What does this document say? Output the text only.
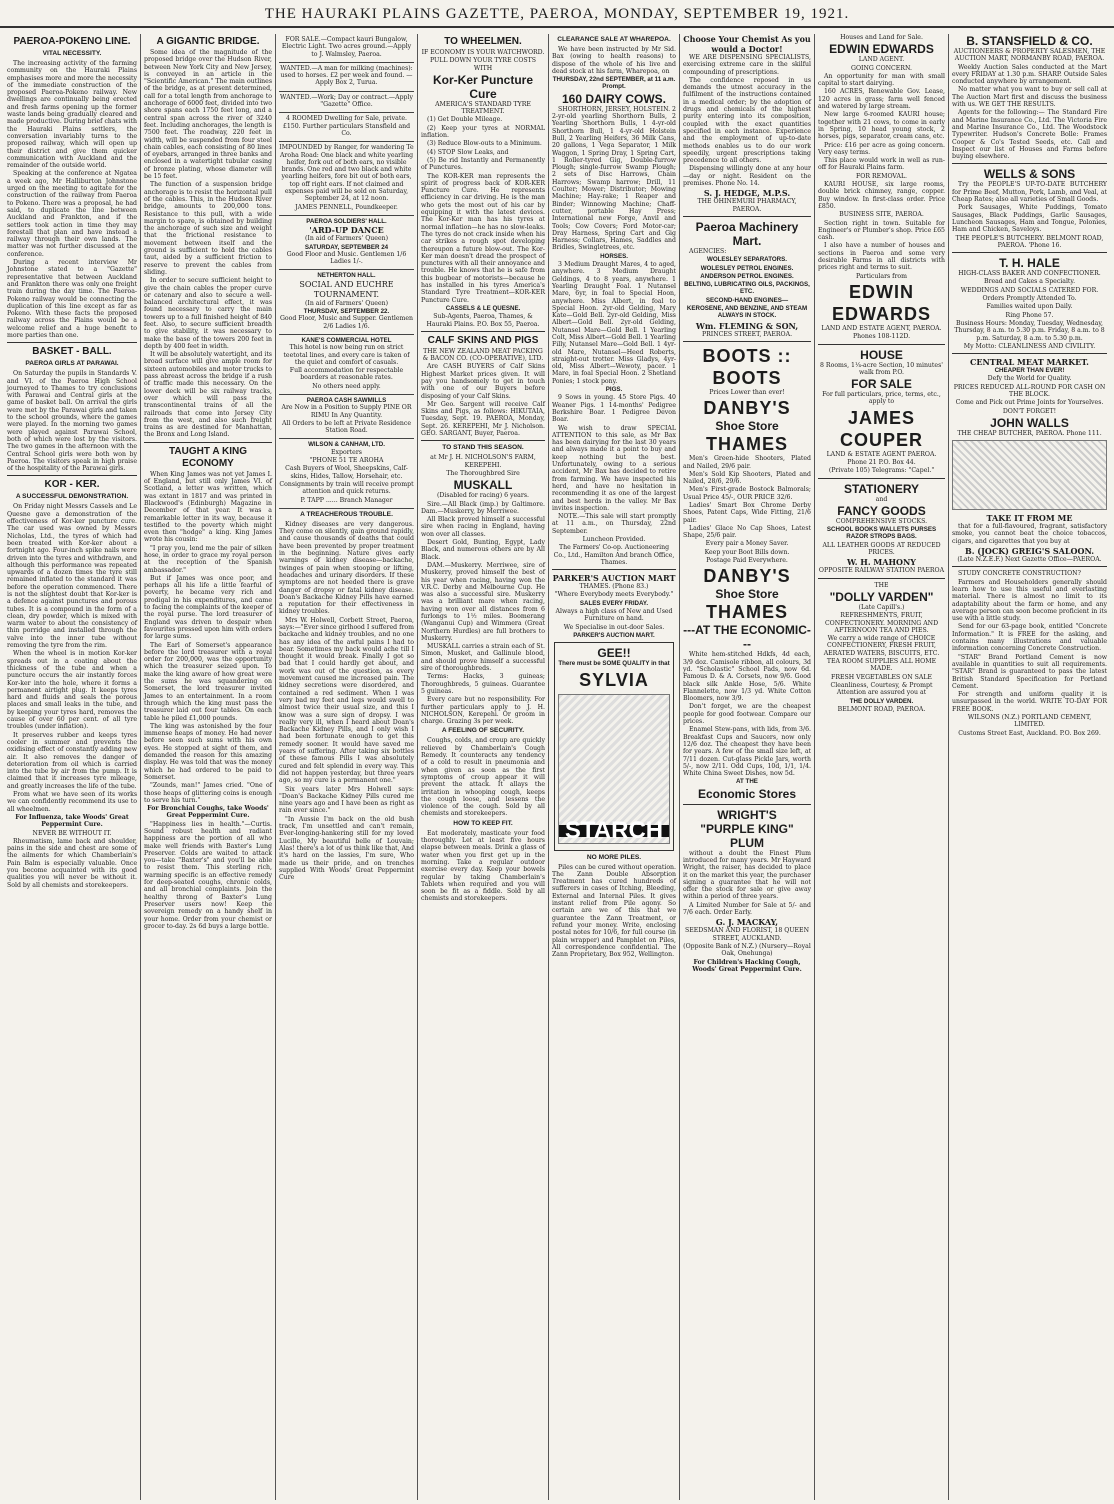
THE HAURAKI PLAINS GAZETTE, PAEROA, MONDAY, SEPTEMBER 19, 1921.
PAEROA-POKENO LINE.
VITAL NECESSITY.

The increasing activity of the farming community on the Hauraki Plains emphasises more and more the necessity of the immediate construction of the proposed Paeroa-Pokeno railway. New dwellings are continually being erected and fresh farms opening up the former waste lands being gradually cleared and made productive. During brief chats with the Hauraki Plains settlers, the conversation invariably turns to the proposed railway, which will open up their district and give them quicker communication with Auckland and the remainder of the outside world.

Speaking at the conference at Ngatea a week ago, Mr Halliburton Johnstone urged on the meeting to agitate for the construction of the railway from Paeroa to Pokeno. There was a proposal, he had said, to duplicate the line between Auckland and Frankton, and if the settlers took action in time they may forestall that plan and have instead a railway through their own lands. The matter was not further discussed at the conference.

During a recent interview Mr Johnstone stated to a "Gazette" representative that between Auckland and Frankton there was only one freight train during the day time. The Paeroa-Pokeno railway would be connecting the duplication of this line except as far as Pokeno. With these facts the proposed railway across the Plains would be a welcome relief and a huge benefit to more parties than one.

BASKET - BALL.
PAEROA GIRLS AT PARAWAI.

On Saturday the pupils in Standards V. and VI. of the Paeroa High School journeyed to Thames to try conclusions with Parawai and Central girls at the game of basket ball. On arrival the girls were met by the Parawai girls and taken to the school grounds, where the games were played. In the morning two games were played against Parawai School, both of which were lost by the visitors. The two games in the afternoon with the Central School girls were both won by Paeroa. The visitors speak in high praise of the hospitality of the Parawai girls.

KOR - KER.
A SUCCESSFUL DEMONSTRATION.

On Friday night Messrs Cassels and Le Quesne gave a demonstration of the effectiveness of Kor-ker puncture cure. The car used was owned by Messrs Nicholas, Ltd., the tyres of which had been treated with Kor-ker about a fortnight ago. Four-inch spike nails were driven into the tyres and withdrawn, and although this performance was repeated upwards of a dozen times the tyre still remained inflated to the standard it was before the operation commenced. There is not the slightest doubt that Kor-ker is a defence against punctures and porous tubes. It is a compound in the form of a clean, dry powder, which is mixed with warm water to about the consistency of thin porridge and installed through the valve into the inner tube without removing the tyre from the rim.

When the wheel is in motion Kor-ker spreads out in a coating about the thickness of the tube and when a puncture occurs the air instantly forces Kor-ker into the hole, where it forms a permanent airtight plug. It keeps tyres hard and fluids and seals the porous places and small leaks in the tube, and by keeping your tyres hard, removes the cause of over 60 per cent. of all tyre troubles (under inflation).

It preserves rubber and keeps tyres cooler in summer and prevents the oxidising effect of constantly adding new air. It also removes the danger of deterioration from oil which is carried into the tube by air from the pump. It is claimed that it increases tyre mileage, and greatly increases the life of the tube.

From what we have seen of its works we can confidently recommend its use to all wheelmen.

For Influenza, take Woods' Great Peppermint Cure.

NEVER BE WITHOUT IT.

Rheumatism, lame back and shoulder, pains in the side and chest are some of the ailments for which Chamberlain's Pain Balm is especially valuable. Once you become acquainted with its good qualities you will never be without it. Sold by all chemists and storekeepers.

A GIGANTIC BRIDGE.

Some idea of the magnitude of the proposed bridge over the Hudson River, between New York City and New Jersey, is conveyed in an article in the "Scientific American." The main outlines of the bridge, as at present determined, call for a total length from anchorage to anchorage of 6000 feet, divided into two shore spans each 1750 feet long, and a central span across the river of 3240 feet. Including anchorages, the length is 7500 feet. The roadway, 220 feet in width, will be suspended from four steel chain cables, each consisting of 80 lines of eyebars, arranged in three banks and enclosed in a watertight tubular casing of bronze plating, whose diameter will be 15 feet.

The function of a suspension bridge anchorage is to resist the horizontal pull of the cables. This, in the Hudson River bridge, amounts to 200,000 tons. Resistance to this pull, with a wide margin to spare, is obtained by building the anchorage of such size and weight that the frictional resistance to movement between itself and the ground is sufficient to hold the cables taut, aided by a sufficient friction to reserve to prevent the cables from sliding.

In order to secure sufficient height to give the chain cables the proper curve or catenary and also to secure a well-balanced architectural effect, it was found necessary to carry the main towers up to a full finished height of 840 feet. Also, to secure sufficient breadth to give stability, it was necessary to make the base of the towers 200 feet in depth by 400 feet in width.

It will be absolutely watertight, and its broad surface will give ample room for sixteen automobiles and motor trucks to pass abreast across the bridge if a rush of traffic made this necessary. On the lower deck will be six railway tracks, over which will pass the transcontinental trains of all the railroads that come into Jersey City from the west, and also such freight trains as are destined for Manhattan, the Bronx and Long Island.

TAUGHT A KING ECONOMY

When King James was not yet James I. of England, but still only James VI. of Scotland, a letter was written, which was extant in 1817 and was printed in Blackwood's (Edinburgh) Magazine in December of that year. It was a remarkable letter in its way, because it testified to the poverty which might even then "hodge" a king. King James wrote his cousin:

"I pray you, lend me the pair of silken hose, in order to grace my royal person at the reception of the Spanish ambassador."

But if James was once poor, and perhaps all his life a little fearful of poverty, he became very rich and prodigal in his expenditures, and came to facing the complaints of the keeper of the royal purse. The lord treasurer of England was driven to despair when favourites pressed upon him with orders for large sums.

The Earl of Somerset's appearance before the lord treasurer with a royal order for 200,000, was the opportunity which the treasurer seized upon. To make the king aware of how great were the sums he was squandering on Somerset, the lord treasurer invited James to an entertainment. In a room through which the king must pass the treasurer laid out four tables. On each table he piled £1,000 pounds.

The king was astonished by the four immense heaps of money. He had never before seen such sums with his own eyes. He stopped at sight of them, and demanded the reason for this amazing display. He was told that was the money which he had ordered to be paid to Somerset.

"Zounds, man!" James cried. "One of those heaps of glittering coins is enough to serve his turn."

For Bronchial Coughs, take Woods' Great Peppermint Cure.

"Happiness lies in health."—Curtis. Sound robust health and radiant happiness are the portion of all who make well friends with Baxter's Lung Preserver. Colds are waited to attack you—take "Baxter's" and you'll be able to resist them. This sterling rich, warming specific is an effective remedy for deep-seated coughs, chronic colds, and all bronchial complaints. Join the healthy throng of Baxter's Lung Preserver users now! Keep the sovereign remedy on a handy shelf in your home. Order from your chemist or grocer to-day. 2s 6d buys a large bottle.

FOR SALE.—Compact kauri Bungalow, Electric Light. Two acres ground.—Apply to J. Walmsley, Paeroa.

WANTED.—A man for milking (machines): used to horses. £2 per week and found. —Apply Box 2, Turua.

WANTED.—Work; Day or contract.—Apply "Gazette" Office.

4 ROOMED Dwelling for Sale, private. £150. Further particulars Stansfield and Co.

IMPOUNDED by Ranger, for wandering Te Aroha Road: One black and white yearling heifer, fork out of both ears, no visible brands. One red and two black and white yearling heifers, fore bit out of both ears, top off right ears. If not claimed and expenses paid will be sold on Saturday, September 24, at 12 noon.

JAMES PENNELL, Poundkeeper.

PAEROA SOLDIERS' HALL.
'ARD-UP DANCE

(In aid of Farmers' Queen)

SATURDAY, SEPTEMBER 24

Good Floor and Music. Gentlemen 1/6 Ladies 1/-.

NETHERTON HALL.
SOCIAL AND EUCHRE TOURNAMENT.

(In aid of Farmers' Queen)

THURSDAY, SEPTEMBER 22.

Good Floor, Music and Supper. Gentlemen 2/6 Ladies 1/6.

KANE'S COMMERCIAL HOTEL

This hotel is now being run on strict teetotal lines, and every care is taken of the quiet and comfort of casuals.

Full accommodation for respectable boarders at reasonable rates.

No others need apply.

PAEROA CASH SAWMILLS

Are Now in a Position to Supply PINE OR RIMU In Any Quantity.

All Orders to be left at Private Residence Station Road.

WILSON & CANHAM, LTD.

Exporters

"PHONE 51 TE AROHA

Cash Buyers of Wool, Sheepskins, Calf-skins, Hides, Tallow, Horsehair, etc.

Consignments by train will receive prompt attention and quick returns.

P. TAPP ...... Branch Manager

A TREACHEROUS TROUBLE.

Kidney diseases are very dangerous. They come on silently, gain ground rapidly, and cause thousands of deaths that could have been prevented by proper treatment in the beginning. Nature gives early warnings of kidney disease—backache, twinges of pain when stooping or lifting, headaches and urinary disorders. If these symptoms are not heeded there is grave danger of dropsy or fatal kidney disease. Doan's Backache Kidney Pills have earned a reputation for their effectiveness in kidney troubles.

Mrs W. Holwell, Corbett Street, Paeroa, says:—"Ever since girlhood I suffered from backache and kidney troubles, and no one has any idea of the awful pains I had to bear. Sometimes my back would ache till I thought it would break. Finally I got so bad that I could hardly get about, and work was out of the question, as every movement caused me increased pain. The kidney secretions were disordered, and contained a red sediment. When I was very bad my feet and legs would swell to almost twice their usual size, and this I know was a sure sign of dropsy. I was really very ill, when I heard about Doan's Backache Kidney Pills, and I only wish I had been fortunate enough to get this remedy sooner. It would have saved me years of suffering. After taking six bottles of these famous Pills I was absolutely cured and felt splendid in every way. This did not happen yesterday, but three years ago, so my cure is a permanent one."

Six years later Mrs Holwell says: "Doan's Backache Kidney Pills cured me nine years ago and I have been as right as rain ever since."

"In Aussie I'm back on the old bush track, I'm unsettled and can't remain, Ever-longing-hankering still for my loved Lucille, My beautiful belle of Louvain; Alas! there's a lot of us think like that, And it's hard on the lassies, I'm sure, Who made us their pride, and on trenches supplied With Woods' Great Peppermint Cure

TO WHEELMEN.

IF ECONOMY IS YOUR WATCHWORD.

PULL DOWN YOUR TYRE COSTS WITH

Kor-Ker Puncture Cure

AMERICA'S STANDARD TYRE TREATMENT.

(1) Get Double Mileage.

(2) Keep your tyres at NORMAL inflation.

(3) Reduce Blow-outs to a Minimum.

(4) STOP Slow Leaks, and

(5) Be rid Instantly and Permanently of Punctures.

The KOR-KER man represents the spirit of progress back of KOR-KER Puncture Cure. He represents efficiency in car driving. He is the man who gets the most out of his car by equipping it with the latest devices. The Kor-Ker man has his tyres at normal inflation—he has no slow-leaks. The tyres do not crack inside when his car strikes a rough spot developing thereupon a future blow-out. The Kor-Ker man doesn't dread the prospect of punctures with all their annoyance and trouble. He knows that he is safe from this bugbear of motorists—because he has installed in his tyres America's Standard Tyre Treatment—KOR-KER Puncture Cure.

CASSELS & LE QUESNE.

Sub-Agents, Paeroa, Thames, & Hauraki Plains. P.O. Box 55, Paeroa.

CALF SKINS AND PIGS

THE NEW ZEALAND MEAT PACKING & BACON CO. (CO-OPERATIVE), LTD.

Are CASH BUYERS of Calf Skins Highest Market prices given. It will pay you handsomely to get in touch with one of our Buyers before disposing of your Calf Skins.

Mr Geo. Sargent will receive Calf Skins and Pigs, as follows: HIKUTAIA, Tuesday, Sept. 19. PAEROA, Monday, Sept. 26. KEREPEHI, Mr J. Nicholson. GEO. SARGANT, Buyer, Paeroa.

TO STAND THIS SEASON.

at Mr J. H. NICHOLSON'S FARM, KEREPEHI.

The Thoroughbred Sire

MUSKALL

(Disabled for racing) 6 years.

Sire.—All Black (imp.) by Galtimore. Dam.—Muskerry, by Merriwee.

All Black proved himself a successful sire when racing in England, having won over all classes.

Desert Gold, Bunting, Egypt, Lady Black, and numerous others are by All Black.

DAM.—Muskerry. Merriwee, sire of Muskerry, proved himself the best of his year when racing, having won the V.R.C. Derby and Melbourne Cup. He was also a successful sire. Muskerry was a brilliant mare when racing, having won over all distances from 6 furlongs to 1½ miles. Boomerang (Wanganui Cup) and Wimmera (Great Northern Hurdles) are full brothers to Muskerry.

MUSKALL carries a strain each of St. Simon, Musket, and Gallinule blood, and should prove himself a successful sire of thoroughbreds.

Terms: Hacks, 3 guineas; Thoroughbreds, 5 guineas. Guarantee 5 guineas.

Every care but no responsibility. For further particulars apply to J. H. NICHOLSON, Kerepehi. Or groom in charge. Grazing 3s per week.

A FEELING OF SECURITY.

Coughs, colds, and croup are quickly relieved by Chamberlain's Cough Remedy. It counteracts any tendency of a cold to result in pneumonia and when given as soon as the first symptoms of croup appear it will prevent the attack. It allays the irritation in whooping cough, keeps the cough loose, and lessens the violence of the cough. Sold by all chemists and storekeepers.

HOW TO KEEP FIT.

Eat moderately, masticate your food thoroughly. Let at least five hours elapse between meals. Drink a glass of water when you first get up in the morning. Take a regular outdoor exercise every day. Keep your bowels regular by taking Chamberlain's Tablets when required and you will soon be fit as a fiddle. Sold by all chemists and storekeepers.

CLEARANCE SALE AT WHAREPOA.

We have been instructed by Mr Sid. Bax (owing to health reasons) to dispose of the whole of his live and dead stock at his farm, Wharepoa, on

THURSDAY, 22nd SEPTEMBER, at 11 a.m. Prompt.

160 DAIRY COWS.

SHORTHORN, JERSEY, HOLSTEIN. 2 2-yr-old yearling Shorthorn Bulls, 2 Yearling Shorthorn Bulls, 1 4-yr-old Shorthorn Bull, 1 4-yr-old Holstein Bull, 2 Yearling Heifers, 36 Milk Cans, 20 gallons, 1 Vega Separator, 1 Milk Waggon, 1 Spring Dray, 1 Spring Cart, 1 Roller-tyred Gig, Double-furrow Plough; single-furrow Swamp Plough; 2 sets of Disc Harrows, Chain Harrows; Swamp harrow; Drill, 11 Coulter; Mower; Distributor; Mowing Machine; Hay-rake; 1 Reaper and Binder; Winnowing Machine; Chaff-cutter, portable Hay Press; International new Forge, Anvil and Tools; Cow Covers; Ford Motor-car; Dray Harness, Spring Cart and Gig Harness; Collars, Hames, Saddles and Bridles, Swingletrees, etc.

HORSES.

3 Medium Draught Mares, 4 to aged, anywhere. 3 Medium Draught Geldings, 4 to 8 years, anywhere. 1 Yearling Draught Foal. 1 Nutansel Mare, 6yr, in foal to Special Hoon, anywhere. Miss Albert, in foal to Special Hoon. 2yr-old Gelding, Mary Kate—Gold Bell. 2yr-old Gelding, Miss Albert—Gold Bell. 2yr-old Gelding, Nutansel Mare—Gold Bell. 1 Yearling Colt, Miss Albert—Gold Bell. 1 Yearling Filly, Nutansel Mare—Gold Bell. 1 4yr-old Mare, Nutansel—Heed Roberts, straight-out trotter. Miss Gladys, 4yr-old, Miss Albert—Wewoty, pacer. 1 Mare, in foal Special Hoon. 2 Shetland Ponies; 1 stock pony.

PIGS.

9 Sows in young. 45 Store Pigs. 40 Weaner Pigs. 1 14-months' Pedigree Berkshire Boar. 1 Pedigree Devon Boar.

We wish to draw SPECIAL ATTENTION to this sale, as Mr Bax has been dairying for the last 30 years and always made it a point to buy and keep nothing but the best. Unfortunately, owing to a serious accident, Mr Bax has decided to retire from farming. We have inspected his herd, and have no hesitation in recommending it as one of the largest and best herds in the valley. Mr Bax invites inspection.

NOTE.—This sale will start promptly at 11 a.m., on Thursday, 22nd September.

Luncheon Provided.

The Farmers' Co-op. Auctioneering Co., Ltd., Hamilton And branch Office, Thames.

PARKER'S AUCTION MART

THAMES. (Phone 83.)

"Where Everybody meets Everybody."

SALES EVERY FRIDAY.

Always a high class of New and Used Furniture on hand.

We Specialise in out-door Sales.

PARKER'S AUCTION MART.

GEE!!

There must be SOME QUALITY in that

SYLVIA
STARCH
NO MORE PILES.

Piles can be cured without operation. The Zann Double Absorption Treatment has cured hundreds of sufferers in cases of Itching, Bleeding, External and Internal Piles. It gives instant relief from Pile agony. So certain are we of this that we guarantee the Zann Treatment, or refund your money. Write, enclosing postal notes for 10/6, for full course (in plain wrapper) and Pamphlet on Piles, All correspondence confidential. The Zann Proprietary, Box 952, Wellington.

Choose Your Chemist As you would a Doctor!

WE ARE DISPENSING SPECIALISTS, exercising extreme care in the skilful compounding of prescriptions.

The confidence reposed in us demands the utmost accuracy in the fulfilment of the instructions contained in a medical order; by the adoption of drugs and chemicals of the highest purity entering into its composition, coupled with the exact quantities specified in each instance. Experience and the employment of up-to-date methods enables us to do our work speedily, urgent prescriptions taking precedence to all others.

Dispensing willingly done at any hour—day or night. Resident on the premises. Phone No. 14.

S. J. HEDGE, M.P.S.

THE OHINEMURI PHARMACY, PAEROA.

Paeroa Machinery Mart.

AGENCIES:

WOLESLEY SEPARATORS.

WOLESLEY PETROL ENGINES.

ANDERSON PETROL ENGINES.

BELTING, LUBRICATING OILS, PACKINGS, ETC.

SECOND-HAND ENGINES—

KEROSENE, AND BENZINE, AND STEAM ALWAYS IN STOCK.

Wm. FLEMING & SON,

PRINCES STREET, PAEROA.

BOOTS :: BOOTS

Prices Lower than ever!

DANBY'S
Shoe Store
THAMES

Men's Green-hide Shooters, Plated and Nailed, 29/6 pair.

Men's Sold Kip Shooters, Plated and Nailed, 28/6, 29/6.

Men's First-grade Bostock Balmorals; Usual Price 45/-, OUR PRICE 32/6.

Ladies' Smart Box Chrome Derby Shoes, Patent Caps, Wide Fitting, 21/6 pair.

Ladies' Glace No Cap Shoes, Latest Shape, 25/6 pair.

Every pair a Money Saver.

Keep your Boot Bills down.

Postage Paid Everywhere.

DANBY'S
Shoe Store
THAMES
---AT THE ECONOMIC---

White hem-stitched Hdkfs, 4d each, 3/9 doz. Camisole ribbon, all colours, 3d yd. "Scholastic" School Pads, now 6d. Famous D. & A. Corsets, now 9/6. Good black silk Ankle Hose, 5/6. White Flannelette, now 1/3 yd. White Cotton Bloomers, now 3/9.

Don't forget, we are the cheapest people for good footwear. Compare our prices.

Enamel Stew-pans, with lids, from 3/6. Breakfast Cups and Saucers, now only 12/6 doz. The cheapest they have been for years. A few of the small size left, at 7/11 dozen. Cut-glass Pickle Jars, worth 5/-, now 2/11. Odd Cups, 10d, 1/1, 1/4. White China Sweet Dishes, now 5d.

AT THE

Economic Stores
WRIGHT'S
"PURPLE KING" PLUM

without a doubt the Finest Plum introduced for many years. Mr Hayward Wright, the raiser, has decided to place it on the market this year, the purchaser signing a guarantee that he will not offer the stock for sale or give away within a period of three years.

A Limited Number for Sale at 5/- and 7/6 each. Order Early.

G. J. MACKAY,

SEEDSMAN AND FLORIST, 18 QUEEN STREET, AUCKLAND.

(Opposite Bank of N.Z.) (Nursery—Royal Oak, Onehunga)

For Children's Hacking Cough, Woods' Great Peppermint Cure.

Houses and Land for Sale.

EDWIN EDWARDS

LAND AGENT.

GOING CONCERN.

An opportunity for man with small capital to start dairying.

160 ACRES, Renewable Gov. Lease, 120 acres in grass; farm well fenced and watered by large stream.

New large 6-roomed KAURI house; together with 21 cows, to come in early in Spring, 10 head young stock, 2 horses, pigs, separator, cream cans, etc.

Price: £16 per acre as going concern. Very easy terms.

This place would work in well as run-off for Hauraki Plains farm.

FOR REMOVAL.

KAURI HOUSE, six large rooms, double brick chimney, range, copper. Buy window. In first-class order. Price £850.

BUSINESS SITE, PAEROA.

Section right in town. Suitable for Engineer's or Plumber's shop. Price £65 cash.

I also have a number of houses and sections in Paeroa and some very desirable Farms in all districts with prices right and terms to suit.

Particulars from

EDWIN
EDWARDS

LAND AND ESTATE AGENT, PAEROA.

Phones 108-112D.

HOUSE

8 Rooms, 1¼-acre Section, 10 minutes' walk from P.O.

FOR SALE

For full particulars, price, terms, etc., apply to

JAMES
COUPER

LAND & ESTATE AGENT PAEROA.

Phone 21 P.O. Box 44.

(Private 105) Telegrams: "Capel."

STATIONERY

and

FANCY GOODS

COMPREHENSIVE STOCKS.

SCHOOL BOOKS WALLETS PURSES RAZOR STROPS BAGS.

ALL LEATHER GOODS AT REDUCED PRICES.

W. H. MAHONY

OPPOSITE RAILWAY STATION PAEROA

THE

"DOLLY VARDEN"

(Late Capill's.)

REFRESHMENTS, FRUIT, CONFECTIONERY. MORNING AND AFTERNOON TEA AND PIES.

We carry a wide range of CHOICE CONFECTIONERY, FRESH FRUIT, AERATED WATERS, BISCUITS, ETC.

TEA ROOM SUPPLIES ALL HOME MADE.

FRESH VEGETABLES ON SALE

Cleanliness, Courtesy, & Prompt Attention are assured you at

THE DOLLY VARDEN.

BELMONT ROAD, PAEROA.

B. STANSFIELD & CO.

AUCTIONEERS & PROPERTY SALESMEN, THE AUCTION MART, NORMANBY ROAD, PAEROA.

Weekly Auction Sales conducted at the Mart every FRIDAY at 1.30 p.m. SHARP. Outside Sales conducted anywhere by arrangement.

No matter what you want to buy or sell call at The Auction Mart first and discuss the business with us. WE GET THE RESULTS.

Agents for the following:— The Standard Fire and Marine Insurance Co., Ltd. The Victoria Fire and Marine Insurance Co., Ltd. The Woodstock Typewriter. Hudson's Concrete Bolle: Frames Cooper & Co's Tested Seeds, etc. Call and Inspect our list of Houses and Farms before buying elsewhere.

WELLS & SONS

Try the PEOPLE'S UP-TO-DATE BUTCHERY for Prime Beef, Mutton, Pork, Lamb, and Veal, at Cheap Rates; also all varieties of Small Goods.

Pork Sausages, White Puddings, Tomato Sausages, Black Puddings, Garlic Sausages, Luncheon Sausages, Ham and Tongue, Polonies, Ham and Chicken, Saveloys.

THE PEOPLE'S BUTCHERY. BELMONT ROAD, PAEROA. 'Phone 16.

T. H. HALE

HIGH-CLASS BAKER AND CONFECTIONER.

Bread and Cakes a Specialty.

WEDDINGS AND SOCIALS CATERED FOR.

Orders Promptly Attended To.

Families waited upon Daily.

Ring Phone 57.

Business Hours: Monday, Tuesday, Wednesday, Thursday, 8 a.m. to 5.30 p.m. Friday, 8 a.m. to 8 p.m. Saturday, 8 a.m. to 5.30 p.m.

My Motto: CLEANLINESS AND CIVILITY.

CENTRAL MEAT MARKET.

CHEAPER THAN EVER!

Defy the World for Quality.

PRICES REDUCED ALL-ROUND FOR CASH ON THE BLOCK.

Come and Pick out Prime Joints for Yourselves.

DON'T FORGET!

JOHN WALLS

THE CHEAP BUTCHER, PAEROA. Phone 111.

TAKE IT FROM ME

that for a full-flavoured, fragrant, satisfactory smoke, you cannot beat the choice tobaccos, cigars, and cigarettes that you buy at

B. (JOCK) GREIG'S SALOON.

(Late N.Z.E.F.) Next Gazette Office—PAEROA.

STUDY CONCRETE CONSTRUCTION?

Farmers and Householders generally should learn how to use this useful and everlasting material. There is almost no limit to its adaptability about the farm or home, and any average person can soon become proficient in its use with a little study.

Send for our 63-page book, entitled "Concrete Information." It is FREE for the asking, and contains many illustrations and valuable information concerning Concrete Construction.

"STAR" Brand Portland Cement is now available in quantities to suit all requirements. "STAR" Brand is guaranteed to pass the latest British Standard Specification for Portland Cement.

For strength and uniform quality it is unsurpassed in the world. WRITE TO-DAY FOR FREE BOOK.

WILSONS (N.Z.) PORTLAND CEMENT, LIMITED.

Customs Street East, Auckland. P.O. Box 269.
